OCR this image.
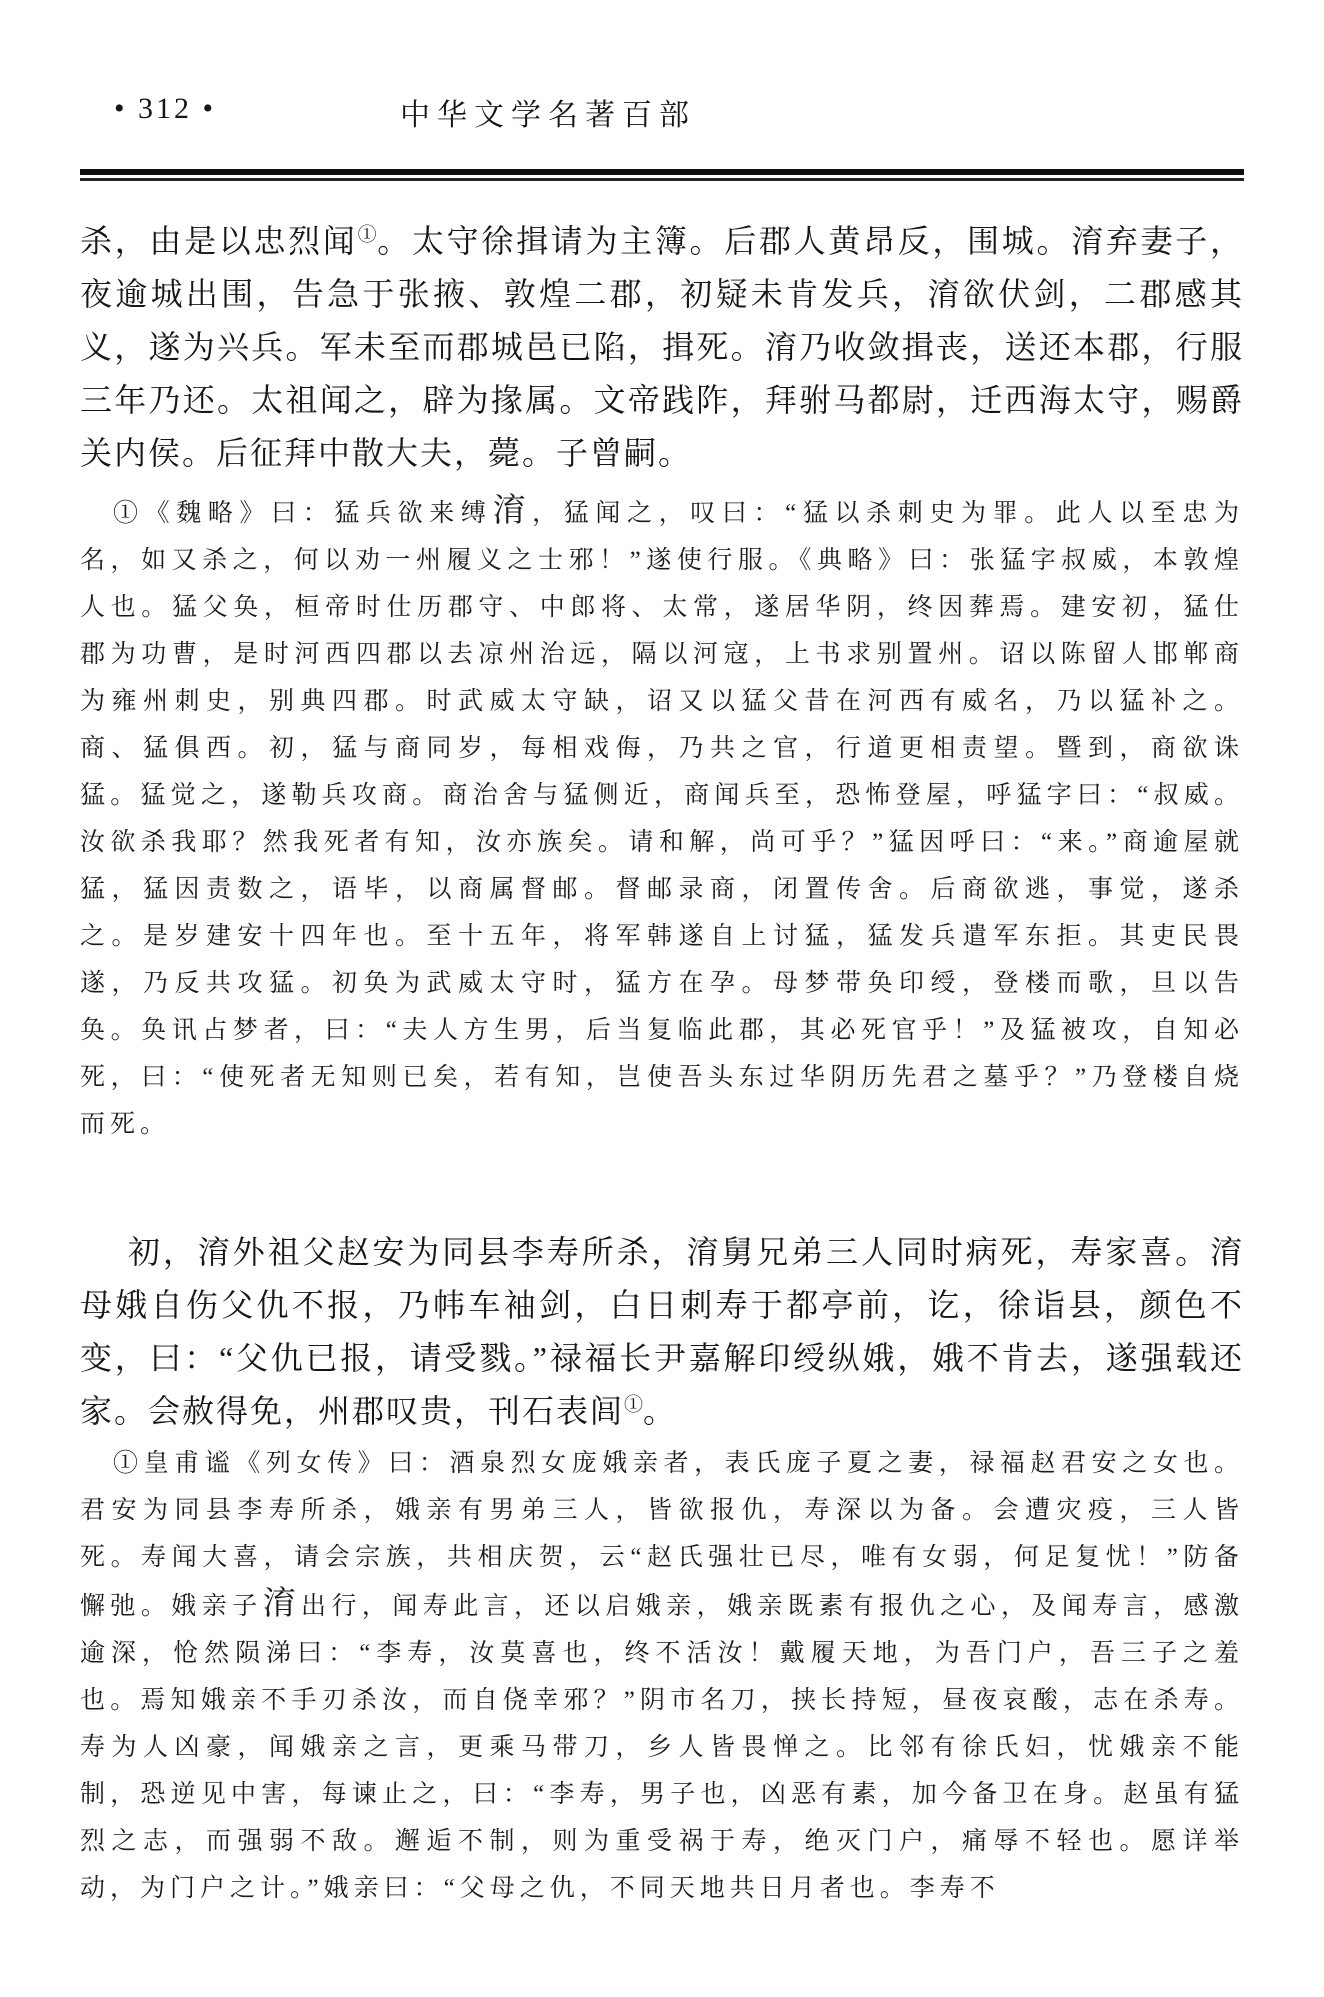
• 312 •	中华文学名著百部

杀，由是以忠烈闻①。太守徐揖请为主簿。后郡人黄昂反，围城。淯弃妻子，夜逾城出围，告急于张掖、敦煌二郡，初疑未肯发兵，淯欲伏剑，二郡感其义，遂为兴兵。军未至而郡城邑已陷，揖死。淯乃收敛揖丧，送还本郡，行服三年乃还。太祖闻之，辟为掾属。文帝践阼，拜驸马都尉，迁西海太守，赐爵关内侯。后征拜中散大夫，薨。子曾嗣。

①《魏略》曰：猛兵欲来缚淯，猛闻之，叹曰：“猛以杀刺史为罪。此人以至忠为名，如又杀之，何以劝一州履义之士邪！”遂使行服。《典略》曰：张猛字叔威，本敦煌人也。猛父奂，桓帝时仕历郡守、中郎将、太常，遂居华阴，终因葬焉。建安初，猛仕郡为功曹，是时河西四郡以去凉州治远，隔以河寇，上书求别置州。诏以陈留人邯郸商为雍州刺史，别典四郡。时武威太守缺，诏又以猛父昔在河西有威名，乃以猛补之。商、猛俱西。初，猛与商同岁，每相戏侮，乃共之官，行道更相责望。暨到，商欲诛猛。猛觉之，遂勒兵攻商。商治舍与猛侧近，商闻兵至，恐怖登屋，呼猛字曰：“叔威。汝欲杀我耶？然我死者有知，汝亦族矣。请和解，尚可乎？”猛因呼曰：“来。”商逾屋就猛，猛因责数之，语毕，以商属督邮。督邮录商，闭置传舍。后商欲逃，事觉，遂杀之。是岁建安十四年也。至十五年，将军韩遂自上讨猛，猛发兵遣军东拒。其吏民畏遂，乃反共攻猛。初奂为武威太守时，猛方在孕。母梦带奂印绶，登楼而歌，旦以告奂。奂讯占梦者，曰：“夫人方生男，后当复临此郡，其必死官乎！”及猛被攻，自知必死，曰：“使死者无知则已矣，若有知，岂使吾头东过华阴历先君之墓乎？”乃登楼自烧而死。

初，淯外祖父赵安为同县李寿所杀，淯舅兄弟三人同时病死，寿家喜。淯母娥自伤父仇不报，乃帏车袖剑，白日刺寿于都亭前，讫，徐诣县，颜色不变，曰：“父仇已报，请受戮。”禄福长尹嘉解印绶纵娥，娥不肯去，遂强载还家。会赦得免，州郡叹贵，刊石表闾①。

①皇甫谧《列女传》曰：酒泉烈女庞娥亲者，表氏庞子夏之妻，禄福赵君安之女也。君安为同县李寿所杀，娥亲有男弟三人，皆欲报仇，寿深以为备。会遭灾疫，三人皆死。寿闻大喜，请会宗族，共相庆贺，云“赵氏强壮已尽，唯有女弱，何足复忧！”防备懈弛。娥亲子淯出行，闻寿此言，还以启娥亲，娥亲既素有报仇之心，及闻寿言，感激逾深，怆然陨涕曰：“李寿，汝莫喜也，终不活汝！戴履天地，为吾门户，吾三子之羞也。焉知娥亲不手刃杀汝，而自侥幸邪？”阴市名刀，挟长持短，昼夜哀酸，志在杀寿。寿为人凶豪，闻娥亲之言，更乘马带刀，乡人皆畏惮之。比邻有徐氏妇，忧娥亲不能制，恐逆见中害，每谏止之，曰：“李寿，男子也，凶恶有素，加今备卫在身。赵虽有猛烈之志，而强弱不敌。邂逅不制，则为重受祸于寿，绝灭门户，痛辱不轻也。愿详举动，为门户之计。”娥亲曰：“父母之仇，不同天地共日月者也。李寿不
